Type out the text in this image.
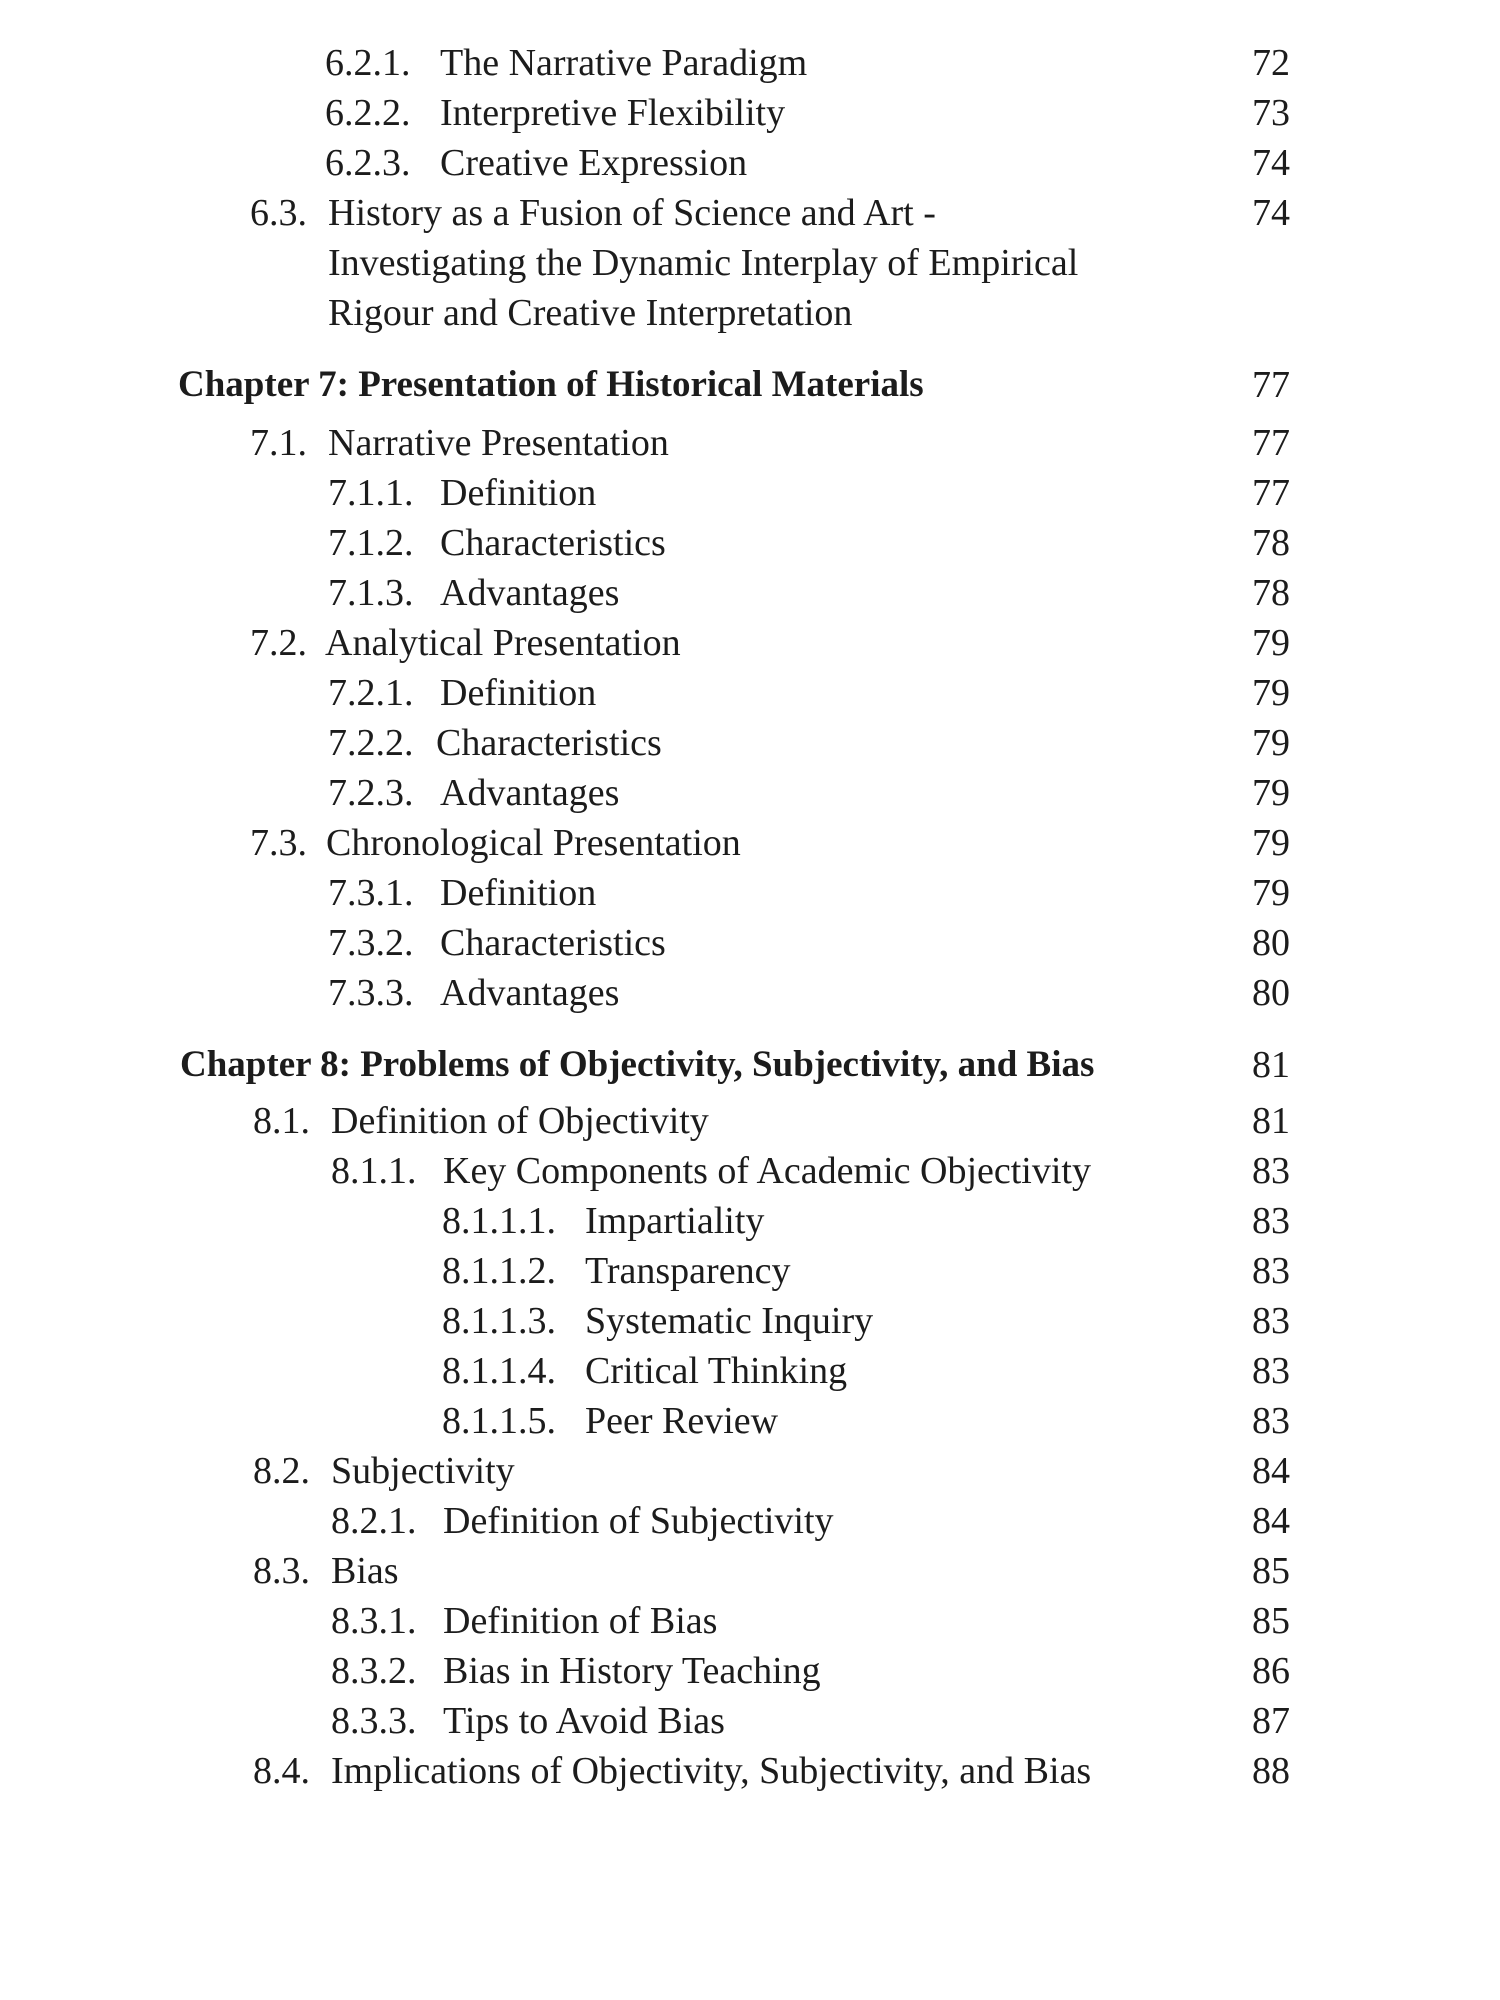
6.2.1. The Narrative Paradigm	72
6.2.2. Interpretive Flexibility	73
6.2.3. Creative Expression	74
6.3. History as a Fusion of Science and Art -	74
Investigating the Dynamic Interplay of Empirical
Rigour and Creative Interpretation
Chapter 7: Presentation of Historical Materials	77
7.1. Narrative Presentation	77
7.1.1. Definition	77
7.1.2. Characteristics	78
7.1.3. Advantages	78
7.2. Analytical Presentation	79
7.2.1. Definition	79
7.2.2. Characteristics	79
7.2.3. Advantages	79
7.3. Chronological Presentation	79
7.3.1. Definition	79
7.3.2. Characteristics	80
7.3.3. Advantages	80
Chapter 8: Problems of Objectivity, Subjectivity, and Bias	81
8.1. Definition of Objectivity	81
8.1.1. Key Components of Academic Objectivity	83
8.1.1.1. Impartiality	83
8.1.1.2. Transparency	83
8.1.1.3. Systematic Inquiry	83
8.1.1.4. Critical Thinking	83
8.1.1.5. Peer Review	83
8.2. Subjectivity	84
8.2.1. Definition of Subjectivity	84
8.3. Bias	85
8.3.1. Definition of Bias	85
8.3.2. Bias in History Teaching	86
8.3.3. Tips to Avoid Bias	87
8.4. Implications of Objectivity, Subjectivity, and Bias	88
